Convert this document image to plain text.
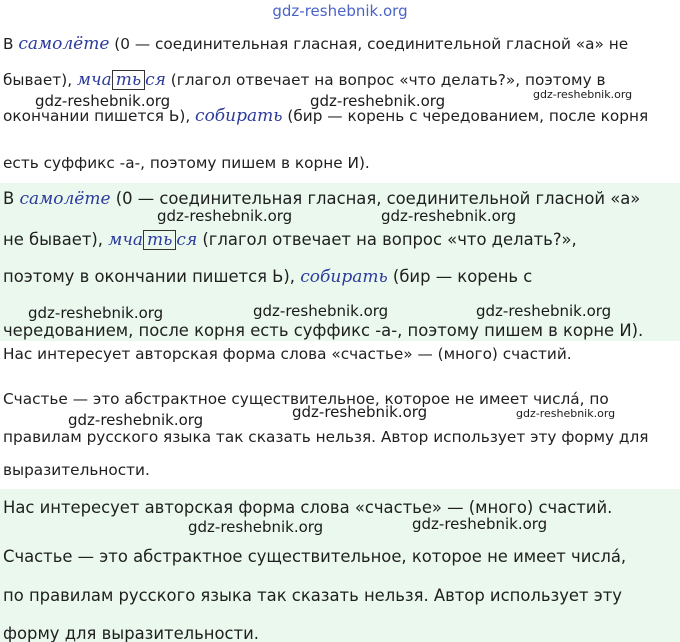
gdz-reshebnik.org
В самолёте (0 — соединительная гласная, соединительной гласной «а» не
бывает), мча ть ся (глагол отвечает на вопрос «что делать?», поэтому в
окончании пишется Ь), собирать (бир — корень с чередованием, после корня
есть суффикс -а-, поэтому пишем в корне И).
gdz-reshebnik.org	gdz-reshebnik.org	gdz-reshebnik.org
В самолёте (0 — соединительная гласная, соединительной гласной «а»
не бывает), мча ть ся (глагол отвечает на вопрос «что делать?»,
поэтому в окончании пишется Ь), собирать (бир — корень с
чередованием, после корня есть суффикс -а-, поэтому пишем в корне И).
gdz-reshebnik.org	gdz-reshebnik.org
gdz-reshebnik.org	gdz-reshebnik.org	gdz-reshebnik.org
Нас интересует авторская форма слова «счастье» — (много) счастий.
Счастье — это абстрактное существительное, которое не имеет числа́, по
правилам русского языка так сказать нельзя. Автор использует эту форму для
выразительности.
gdz-reshebnik.org	gdz-reshebnik.org	gdz-reshebnik.org
Нас интересует авторская форма слова «счастье» — (много) счастий.
Счастье — это абстрактное существительное, которое не имеет числа́,
по правилам русского языка так сказать нельзя. Автор использует эту
форму для выразительности.
gdz-reshebnik.org	gdz-reshebnik.org
